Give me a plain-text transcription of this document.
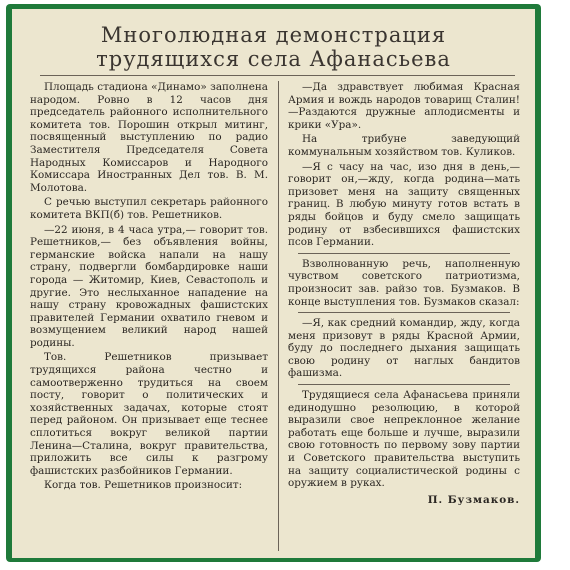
Многолюдная демонстрация
трудящихся села Афанасьева

Площадь стадиона «Динамо» заполнена народом. Ровно в 12 часов дня председатель районного исполнительного комитета тов. Порошин открыл митинг, посвященный выступлению по радио Заместителя Председателя Совета Народных Комиссаров и Народного Комиссара Иностранных Дел тов. В. М. Молотова.

С речью выступил секретарь районного комитета ВКП(б) тов. Решетников.

—22 июня, в 4 часа утра,— говорит тов. Решетников,— без объявления войны, германские войска напали на нашу страну, подвергли бомбардировке наши города — Житомир, Киев, Севастополь и другие. Это неслыханное нападение на нашу страну кровожадных фашистских правителей Германии охватило гневом и возмущением великий народ нашей родины.

Тов. Решетников призывает трудящихся района честно и самоотверженно трудиться на своем посту, говорит о политических и хозяйственных задачах, которые стоят перед районом. Он призывает еще теснее сплотиться вокруг великой партии Ленина—Сталина, вокруг правительства, приложить все силы к разгрому фашистских разбойников Германии.

Когда тов. Решетников произносит:

—Да здравствует любимая Красная Армия и вождь народов товарищ Сталин!—Раздаются дружные аплодисменты и крики «Ура».

На трибуне заведующий коммунальным хозяйством тов. Куликов.

—Я с часу на час, изо дня в день,—говорит он,—жду, когда родина—мать призовет меня на защиту священных границ. В любую минуту готов встать в ряды бойцов и буду смело защищать родину от взбесившихся фашистских псов Германии.

Взволнованную речь, наполненную чувством советского патриотизма, произносит зав. райзо тов. Бузмаков. В конце выступления тов. Бузмаков сказал:

—Я, как средний командир, жду, когда меня призовут в ряды Красной Армии, буду до последнего дыхания защищать свою родину от наглых бандитов фашизма.

Трудящиеся села Афанасьева приняли единодушно резолюцию, в которой выразили свое непреклонное желание работать еще больше и лучше, выразили свою готовность по первому зову партии и Советского правительства выступить на защиту социалистической родины с оружием в руках.

П. Бузмаков.
